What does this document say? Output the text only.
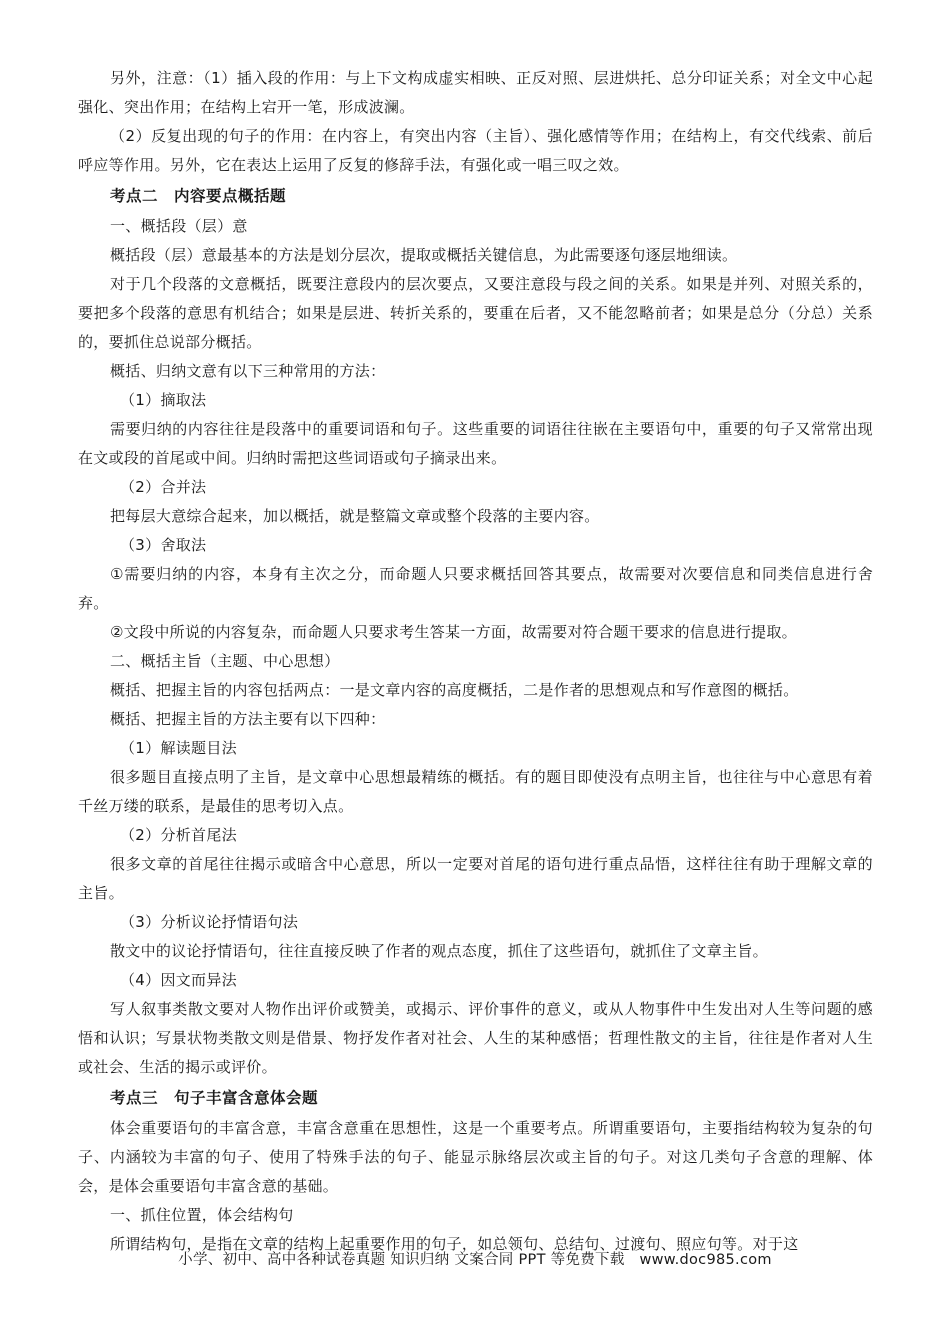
另外，注意：（1）插入段的作用：与上下文构成虚实相映、正反对照、层进烘托、总分印证关系；对全文中心起强化、突出作用；在结构上宕开一笔，形成波澜。

（2）反复出现的句子的作用：在内容上，有突出内容（主旨）、强化感情等作用；在结构上，有交代线索、前后呼应等作用。另外，它在表达上运用了反复的修辞手法，有强化或一唱三叹之效。

考点二　内容要点概括题

一、概括段（层）意

概括段（层）意最基本的方法是划分层次，提取或概括关键信息，为此需要逐句逐层地细读。

对于几个段落的文意概括，既要注意段内的层次要点，又要注意段与段之间的关系。如果是并列、对照关系的，要把多个段落的意思有机结合；如果是层进、转折关系的，要重在后者，又不能忽略前者；如果是总分（分总）关系的，要抓住总说部分概括。

概括、归纳文意有以下三种常用的方法：

（1）摘取法

需要归纳的内容往往是段落中的重要词语和句子。这些重要的词语往往嵌在主要语句中，重要的句子又常常出现在文或段的首尾或中间。归纳时需把这些词语或句子摘录出来。

（2）合并法

把每层大意综合起来，加以概括，就是整篇文章或整个段落的主要内容。

（3）舍取法

①需要归纳的内容，本身有主次之分，而命题人只要求概括回答其要点，故需要对次要信息和同类信息进行舍弃。

②文段中所说的内容复杂，而命题人只要求考生答某一方面，故需要对符合题干要求的信息进行提取。

二、概括主旨（主题、中心思想）

概括、把握主旨的内容包括两点：一是文章内容的高度概括，二是作者的思想观点和写作意图的概括。

概括、把握主旨的方法主要有以下四种：

（1）解读题目法

很多题目直接点明了主旨，是文章中心思想最精练的概括。有的题目即使没有点明主旨，也往往与中心意思有着千丝万缕的联系，是最佳的思考切入点。

（2）分析首尾法

很多文章的首尾往往揭示或暗含中心意思，所以一定要对首尾的语句进行重点品悟，这样往往有助于理解文章的主旨。

（3）分析议论抒情语句法

散文中的议论抒情语句，往往直接反映了作者的观点态度，抓住了这些语句，就抓住了文章主旨。

（4）因文而异法

写人叙事类散文要对人物作出评价或赞美，或揭示、评价事件的意义，或从人物事件中生发出对人生等问题的感悟和认识；写景状物类散文则是借景、物抒发作者对社会、人生的某种感悟；哲理性散文的主旨，往往是作者对人生或社会、生活的揭示或评价。

考点三　句子丰富含意体会题

体会重要语句的丰富含意，丰富含意重在思想性，这是一个重要考点。所谓重要语句，主要指结构较为复杂的句子、内涵较为丰富的句子、使用了特殊手法的句子、能显示脉络层次或主旨的句子。对这几类句子含意的理解、体会，是体会重要语句丰富含意的基础。

一、抓住位置，体会结构句

所谓结构句，是指在文章的结构上起重要作用的句子，如总领句、总结句、过渡句、照应句等。对于这

小学、初中、高中各种试卷真题 知识归纳 文案合同 PPT 等免费下载　www.doc985.com
